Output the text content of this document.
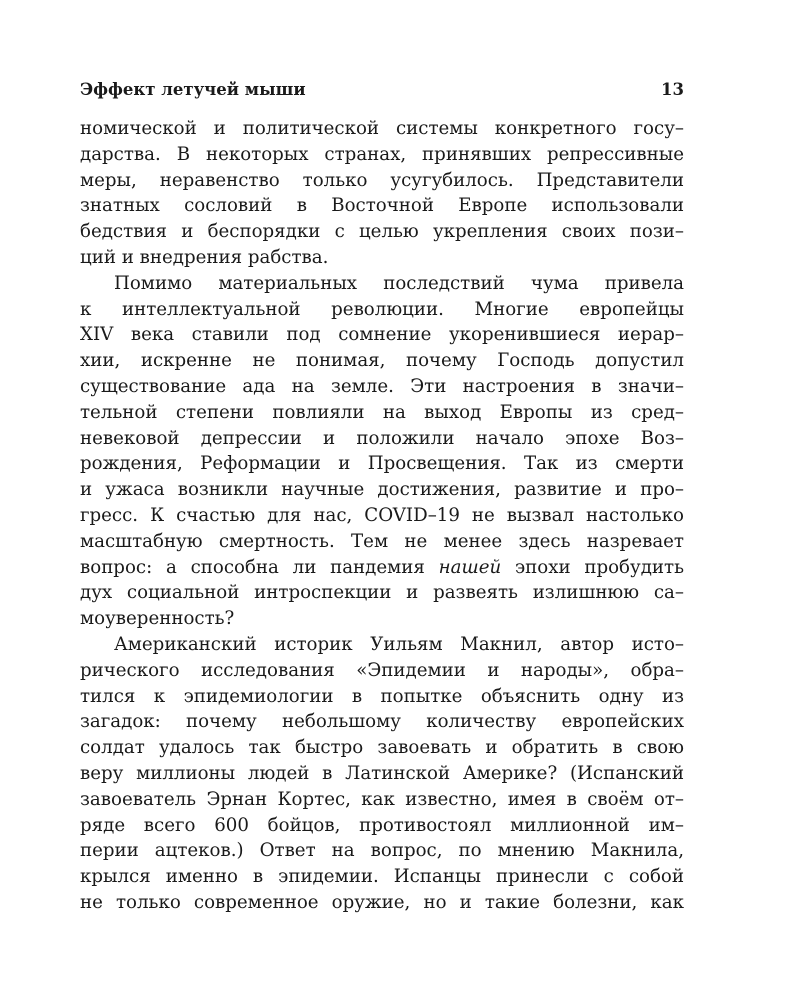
Эффект летучей мыши	13
номической и политической системы конкретного госу–
дарства. В некоторых странах, принявших репрессивные
меры, неравенство только усугубилось. Представители
знатных сословий в Восточной Европе использовали
бедствия и беспорядки с целью укрепления своих пози–
ций и внедрения рабства.
Помимо материальных последствий чума привела
к интеллектуальной революции. Многие европейцы
XIV века ставили под сомнение укоренившиеся иерар–
хии, искренне не понимая, почему Господь допустил
существование ада на земле. Эти настроения в значи–
тельной степени повлияли на выход Европы из сред–
невековой депрессии и положили начало эпохе Воз–
рождения, Реформации и Просвещения. Так из смерти
и ужаса возникли научные достижения, развитие и про–
гресс. К счастью для нас, COVID–19 не вызвал настолько
масштабную смертность. Тем не менее здесь назревает
вопрос: а способна ли пандемия нашей эпохи пробудить
дух социальной интроспекции и развеять излишнюю са–
моуверенность?
Американский историк Уильям Макнил, автор исто–
рического исследования «Эпидемии и народы», обра–
тился к эпидемиологии в попытке объяснить одну из
загадок: почему небольшому количеству европейских
солдат удалось так быстро завоевать и обратить в свою
веру миллионы людей в Латинской Америке? (Испанский
завоеватель Эрнан Кортес, как известно, имея в своём от–
ряде всего 600 бойцов, противостоял миллионной им–
перии ацтеков.) Ответ на вопрос, по мнению Макнила,
крылся именно в эпидемии. Испанцы принесли с собой
не только современное оружие, но и такие болезни, как
